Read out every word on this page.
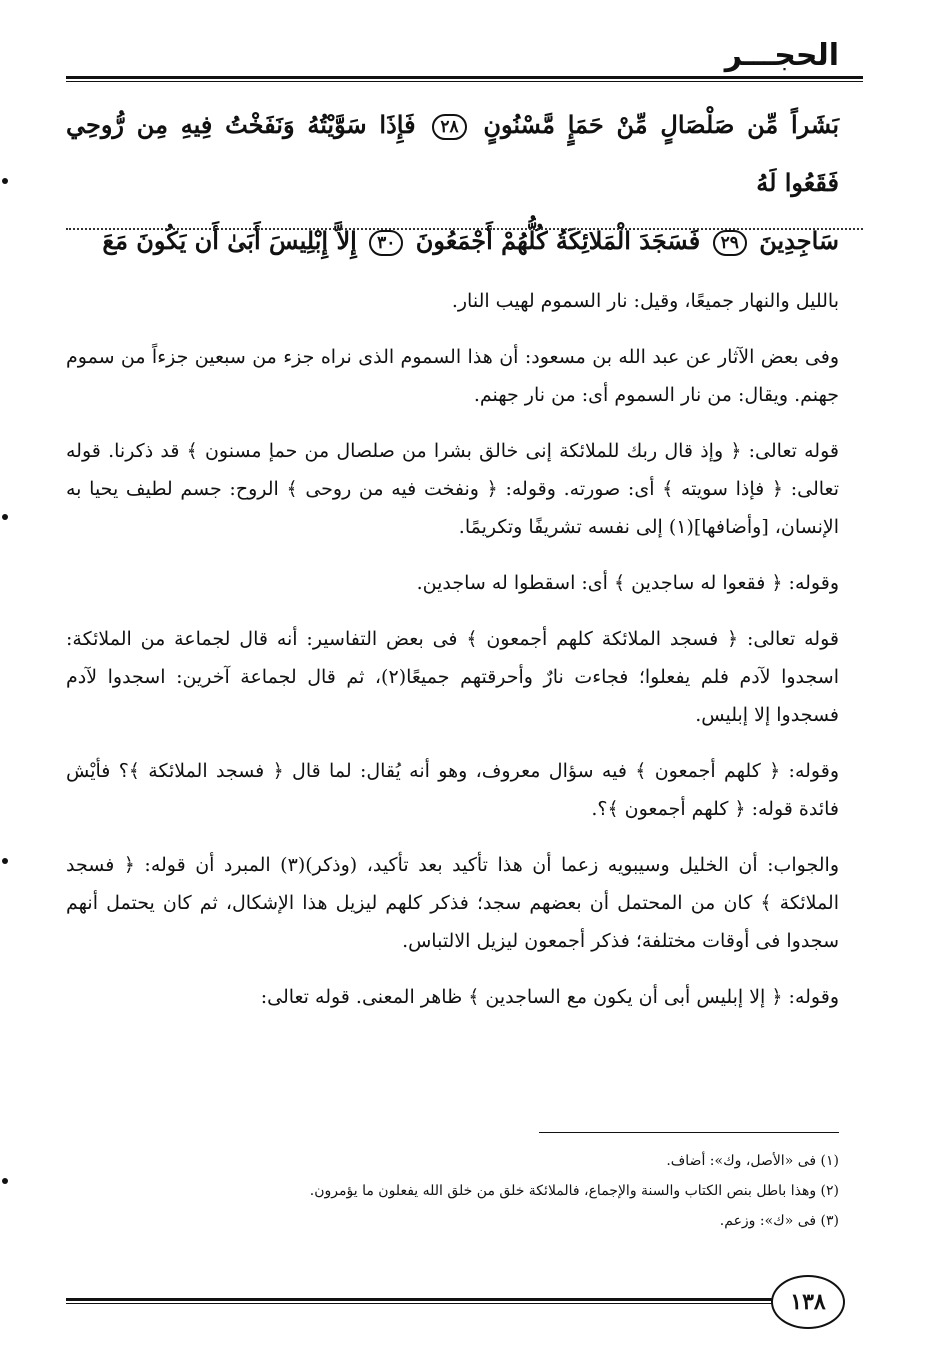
الحجـــر

بَشَراً مِّن صَلْصَالٍ مِّنْ حَمَإٍ مَّسْنُونٍ ٢٨ فَإِذَا سَوَّيْتُهُ وَنَفَخْتُ فِيهِ مِن رُّوحِي فَقَعُوا لَهُ

سَاجِدِينَ ٢٩ فَسَجَدَ الْمَلائِكَةُ كُلُّهُمْ أَجْمَعُونَ ٣٠ إِلاَّ إِبْلِيسَ أَبَىٰ أَن يَكُونَ مَعَ

بالليل والنهار جميعًا، وقيل: نار السموم لهيب النار.

وفى بعض الآثار عن عبد الله بن مسعود: أن هذا السموم الذى نراه جزء من سبعين جزءاً من سموم جهنم. ويقال: من نار السموم أى: من نار جهنم.

قوله تعالى: ﴿ وإذ قال ربك للملائكة إنى خالق بشرا من صلصال من حمإ مسنون ﴾ قد ذكرنا. قوله تعالى: ﴿ فإذا سويته ﴾ أى: صورته. وقوله: ﴿ ونفخت فيه من روحى ﴾ الروح: جسم لطيف يحيا به الإنسان، [وأضافها](١) إلى نفسه تشريفًا وتكريمًا.

وقوله: ﴿ فقعوا له ساجدين ﴾ أى: اسقطوا له ساجدين.

قوله تعالى: ﴿ فسجد الملائكة كلهم أجمعون ﴾ فى بعض التفاسير: أنه قال لجماعة من الملائكة: اسجدوا لآدم فلم يفعلوا؛ فجاءت نارٌ وأحرقتهم جميعًا(٢)، ثم قال لجماعة آخرين: اسجدوا لآدم فسجدوا إلا إبليس.

وقوله: ﴿ كلهم أجمعون ﴾ فيه سؤال معروف، وهو أنه يُقال: لما قال ﴿ فسجد الملائكة ﴾؟ فأيْش فائدة قوله: ﴿ كلهم أجمعون ﴾؟.

والجواب: أن الخليل وسيبويه زعما أن هذا تأكيد بعد تأكيد، (وذكر)(٣) المبرد أن قوله: ﴿ فسجد الملائكة ﴾ كان من المحتمل أن بعضهم سجد؛ فذكر كلهم ليزيل هذا الإشكال، ثم كان يحتمل أنهم سجدوا فى أوقات مختلفة؛ فذكر أجمعون ليزيل الالتباس.

وقوله: ﴿ إلا إبليس أبى أن يكون مع الساجدين ﴾ ظاهر المعنى. قوله تعالى:

(١) فى «الأصل، وك»: أضاف.

(٢) وهذا باطل بنص الكتاب والسنة والإجماع، فالملائكة خلق من خلق الله يفعلون ما يؤمرون.

(٣) فى «ك»: وزعم.

١٣٨
